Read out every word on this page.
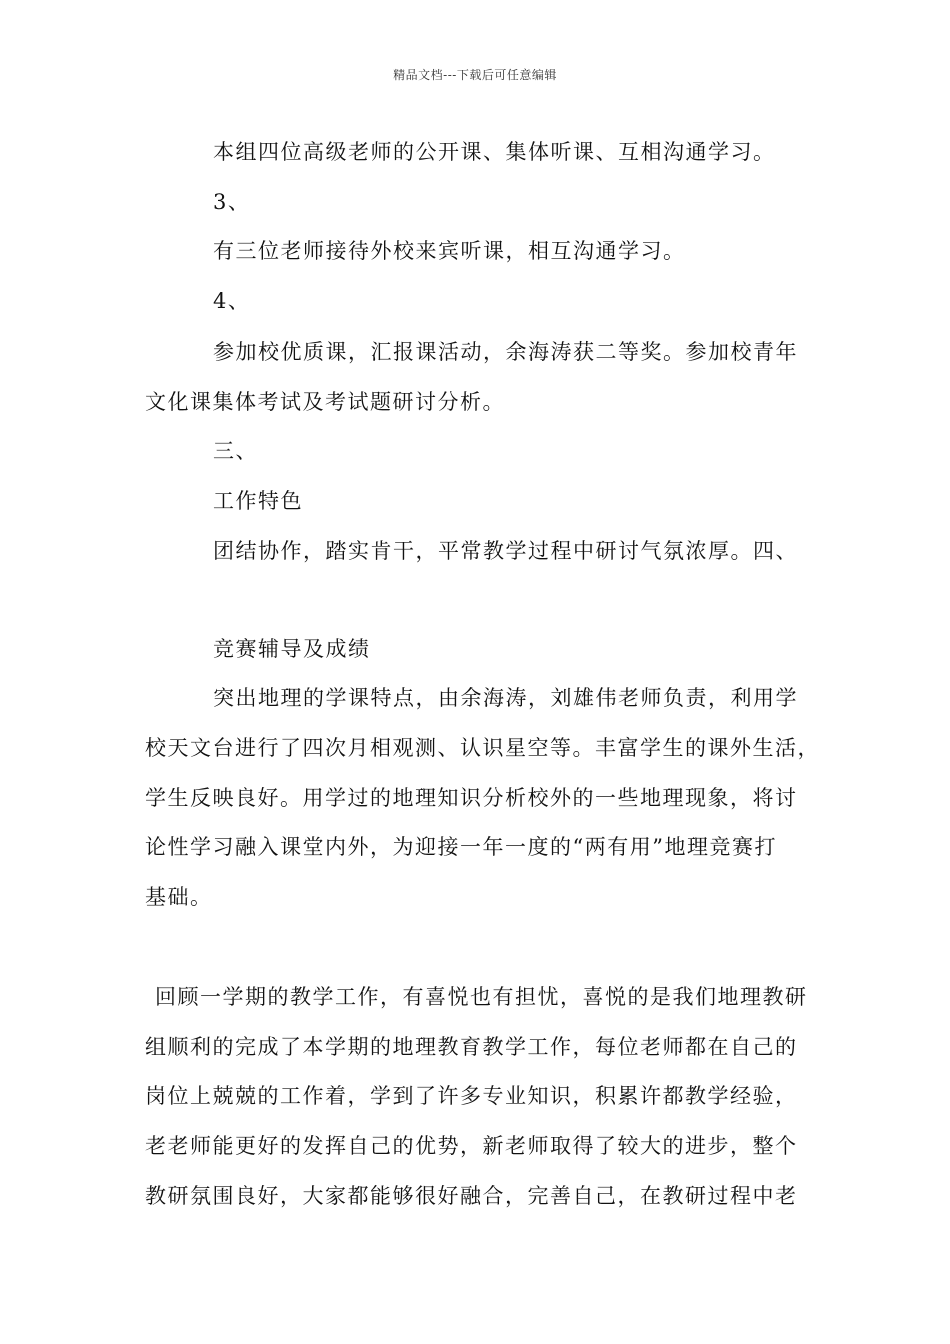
精品文档---下载后可任意编辑
本组四位高级老师的公开课、集体听课、互相沟通学习。
3、
有三位老师接待外校来宾听课，相互沟通学习。
4、
参加校优质课，汇报课活动，余海涛获二等奖。参加校青年
文化课集体考试及考试题研讨分析。
三、
工作特色
团结协作，踏实肯干，平常教学过程中研讨气氛浓厚。四、
竞赛辅导及成绩
突出地理的学课特点，由余海涛，刘雄伟老师负责，利用学
校天文台进行了四次月相观测、认识星空等。丰富学生的课外生活，
学生反映良好。用学过的地理知识分析校外的一些地理现象，将讨
论性学习融入课堂内外，为迎接一年一度的“两有用”地理竞赛打
基础。
回顾一学期的教学工作，有喜悦也有担忧，喜悦的是我们地理教研
组顺利的完成了本学期的地理教育教学工作，每位老师都在自己的
岗位上兢兢的工作着，学到了许多专业知识，积累许都教学经验，
老老师能更好的发挥自己的优势，新老师取得了较大的进步，整个
教研氛围良好，大家都能够很好融合，完善自己，在教研过程中老
